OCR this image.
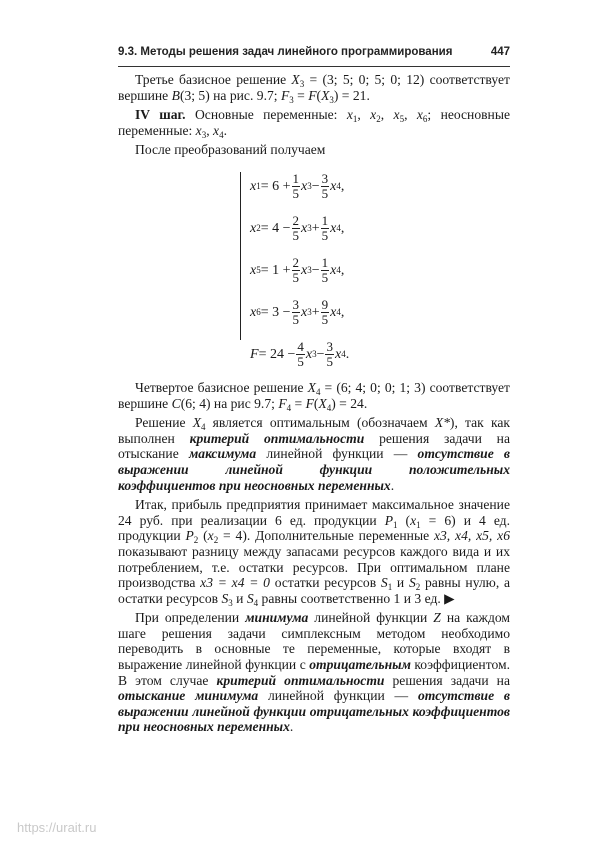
9.3. Методы решения задач линейного программирования	447

Третье базисное решение $X_3 = (3$; 5; 0; 5; 0; 12) соответствует вершине B(3; 5) на рис. 9.7; $F_3 = F(X_3) = 21$.

IV шаг. Основные переменные: $x_1$, $x_2$, $x_5$, $x_6$; неосновные переменные: $x_3$, $x_4$.

После преобразований получаем

x $1 = 6 + \frac{1}{5}$ x $3 - \frac{3}{5}$ x 4 ,
x $2 = 4 - \frac{2}{5}$ x $3 + \frac{1}{5}$ x 4 ,
x $5 = 1 + \frac{2}{5}$ x $3 - \frac{1}{5}$ x 4 ,
x $6 = 3 - \frac{3}{5}$ x $3 + \frac{9}{5}$ x 4 ,
$F = 24 - \frac{4}{5}$ x $3 - \frac{3}{5}$ x 4 .

Четвертое базисное решение $X_4 = (6$; 4; 0; 0; 1; 3) соответствует вершине C(6; 4) на рис 9.7; $F_4 = F(X_4) = 24$.

Решение $X_4$ является оптимальным (обозначаем X*), так как выполнен критерий оптимальности решения задачи на отыскание максимума линейной функции — отсутствие в выражении линейной функции положительных коэффициентов при неосновных переменных.

Итак, прибыль предприятия принимает максимальное значение 24 руб. при реализации 6 ед. продукции $P_1$ $(x_1 = 6)$ и 4 ед. продукции $P_2$ $(x_2 = 4)$. Дополнительные переменные x3, x4, x5, x6 показывают разницу между запасами ресурсов каждого вида и их потреблением, т.е. остатки ресурсов. При оптимальном плане производства x3 = x4 = 0 остатки ресурсов $S_1$ и $S_2$ равны нулю, а остатки ресурсов $S_3$ и $S_4$ равны соответственно 1 и 3 ед. ▶

При определении минимума линейной функции Z на каждом шаге решения задачи симплексным методом необходимо переводить в основные те переменные, которые входят в выражение линейной функции с отрицательным коэффициентом. В этом случае критерий оптимальности решения задачи на отыскание минимума линейной функции — отсутствие в выражении линейной функции отрицательных коэффициентов при неосновных переменных.

https://urait.ru
